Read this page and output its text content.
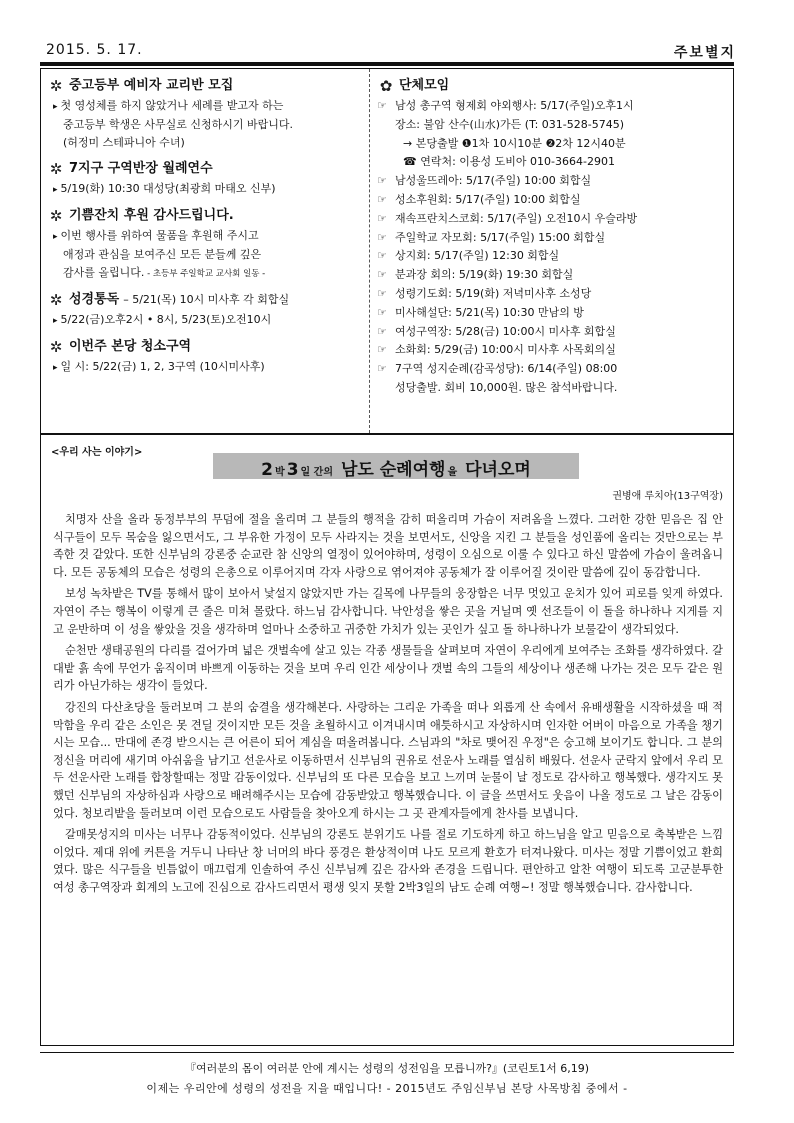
2015. 5. 17.	주보별지
✲ 중고등부 예비자 교리반 모집
▸ 첫 영성체를 하지 않았거나 세례를 받고자 하는
중고등부 학생은 사무실로 신청하시기 바랍니다.
(허정미 스테파니아 수녀)
✲ 7지구 구역반장 월례연수
▸ 5/19(화) 10:30 대성당(최광희 마태오 신부)
✲ 기쁨잔치 후원 감사드립니다.
▸ 이번 행사를 위하여 물품을 후원해 주시고
애정과 관심을 보여주신 모든 분들께 깊은
감사를 올립니다. - 초등부 주일학교 교사회 일동 -
✲ 성경통독 – 5/21(목) 10시 미사후 각 회합실
▸ 5/22(금)오후2시 • 8시, 5/23(토)오전10시
✲ 이번주 본당 청소구역
▸ 일 시: 5/22(금) 1, 2, 3구역 (10시미사후)
✿ 단체모임
☞ 남성 총구역 형제회 야외행사: 5/17(주일)오후1시
장소: 불암 산수(山水)가든 (T: 031-528-5745)
→ 본당출발 ❶1차 10시10분 ❷2차 12시40분
☎ 연락처: 이용성 도비아 010-3664-2901
☞ 남성울뜨레아: 5/17(주일) 10:00 회합실
☞ 성소후원회: 5/17(주일) 10:00 회합실
☞ 재속프란치스코회: 5/17(주일) 오전10시 우슬라방
☞ 주일학교 자모회: 5/17(주일) 15:00 회합실
☞ 상지회: 5/17(주일) 12:30 회합실
☞ 분과장 회의: 5/19(화) 19:30 회합실
☞ 성령기도회: 5/19(화) 저녁미사후 소성당
☞ 미사해설단: 5/21(목) 10:30 만남의 방
☞ 여성구역장: 5/28(금) 10:00시 미사후 회합실
☞ 소화회: 5/29(금) 10:00시 미사후 사목회의실
☞ 7구역 성지순례(감곡성당): 6/14(주일) 08:00
성당출발. 회비 10,000원. 많은 참석바랍니다.
<우리 사는 이야기>
2 박 3 일 간의 남도 순례여행 을 다녀오며
권병애 루치아(13구역장)

치명자 산을 올라 동정부부의 무덤에 절을 올리며 그 분들의 행적을 감히 떠올리며 가슴이 저려옴을 느꼈다. 그러한 강한 믿음은 집 안 식구들이 모두 목숨을 잃으면서도, 그 부유한 가정이 모두 사라지는 것을 보면서도, 신앙을 지킨 그 분들을 성인품에 올리는 것만으로는 부족한 것 같았다. 또한 신부님의 강론중 순교란 참 신앙의 열정이 있어야하며, 성령이 오심으로 이룰 수 있다고 하신 말씀에 가슴이 울려옵니다. 모든 공동체의 모습은 성령의 은총으로 이루어지며 각자 사랑으로 엮어져야 공동체가 잘 이루어질 것이란 말씀에 깊이 동감합니다.

보성 녹차밭은 TV를 통해서 많이 보아서 낯설지 않았지만 가는 길목에 나무들의 웅장함은 너무 멋있고 운치가 있어 피로를 잊게 하였다. 자연이 주는 행복이 이렇게 큰 줄은 미쳐 몰랐다. 하느님 감사합니다. 낙안성을 쌓은 곳을 거닐며 옛 선조들이 이 돌을 하나하나 지게를 지고 운반하며 이 성을 쌓았을 것을 생각하며 얼마나 소중하고 귀중한 가치가 있는 곳인가 싶고 돌 하나하나가 보물같이 생각되었다.

순천만 생태공원의 다리를 걸어가며 넓은 갯벌속에 살고 있는 각종 생물들을 살펴보며 자연이 우리에게 보여주는 조화를 생각하였다. 갈대밭 흙 속에 무언가 움직이며 바쁘게 이동하는 것을 보며 우리 인간 세상이나 갯벌 속의 그들의 세상이나 생존해 나가는 것은 모두 같은 원리가 아닌가하는 생각이 들었다.

강진의 다산초당을 둘러보며 그 분의 숨결을 생각해본다. 사랑하는 그리운 가족을 떠나 외롭게 산 속에서 유배생활을 시작하셨을 때 적막함을 우리 같은 소인은 못 견딜 것이지만 모든 것을 초월하시고 이겨내시며 애틋하시고 자상하시며 인자한 어버이 마음으로 가족을 챙기시는 모습... 만대에 존경 받으시는 큰 어른이 되어 계심을 떠올려봅니다. 스님과의 "차로 맺어진 우정"은 숭고해 보이기도 합니다. 그 분의 정신을 머리에 새기며 아쉬움을 남기고 선운사로 이동하면서 신부님의 권유로 선운사 노래를 열심히 배웠다. 선운사 군락지 앞에서 우리 모두 선운사란 노래를 합창할때는 정말 감동이었다. 신부님의 또 다른 모습을 보고 느끼며 눈물이 날 정도로 감사하고 행복했다. 생각지도 못했던 신부님의 자상하심과 사랑으로 배려해주시는 모습에 감동받았고 행복했습니다. 이 글을 쓰면서도 웃음이 나올 정도로 그 날은 감동이었다. 청보리밭을 둘러보며 이런 모습으로도 사람들을 찾아오게 하시는 그 곳 관계자들에게 찬사를 보냅니다.

갈매못성지의 미사는 너무나 감동적이었다. 신부님의 강론도 분위기도 나를 절로 기도하게 하고 하느님을 알고 믿음으로 축복받은 느낌이었다. 제대 위에 커튼을 거두니 나타난 창 너머의 바다 풍경은 환상적이며 나도 모르게 환호가 터져나왔다. 미사는 정말 기쁨이었고 환희였다. 많은 식구들을 빈틈없이 매끄럽게 인솔하여 주신 신부님께 깊은 감사와 존경을 드립니다. 편안하고 알찬 여행이 되도록 고군분투한 여성 총구역장과 회계의 노고에 진심으로 감사드리면서 평생 잊지 못할 2박3일의 남도 순례 여행~! 정말 행복했습니다. 감사합니다.

『여러분의 몸이 여러분 안에 계시는 성령의 성전임을 모릅니까?』(코린토1서 6,19)
이제는 우리안에 성령의 성전을 지을 때입니다! - 2015년도 주임신부님 본당 사목방침 중에서 -
